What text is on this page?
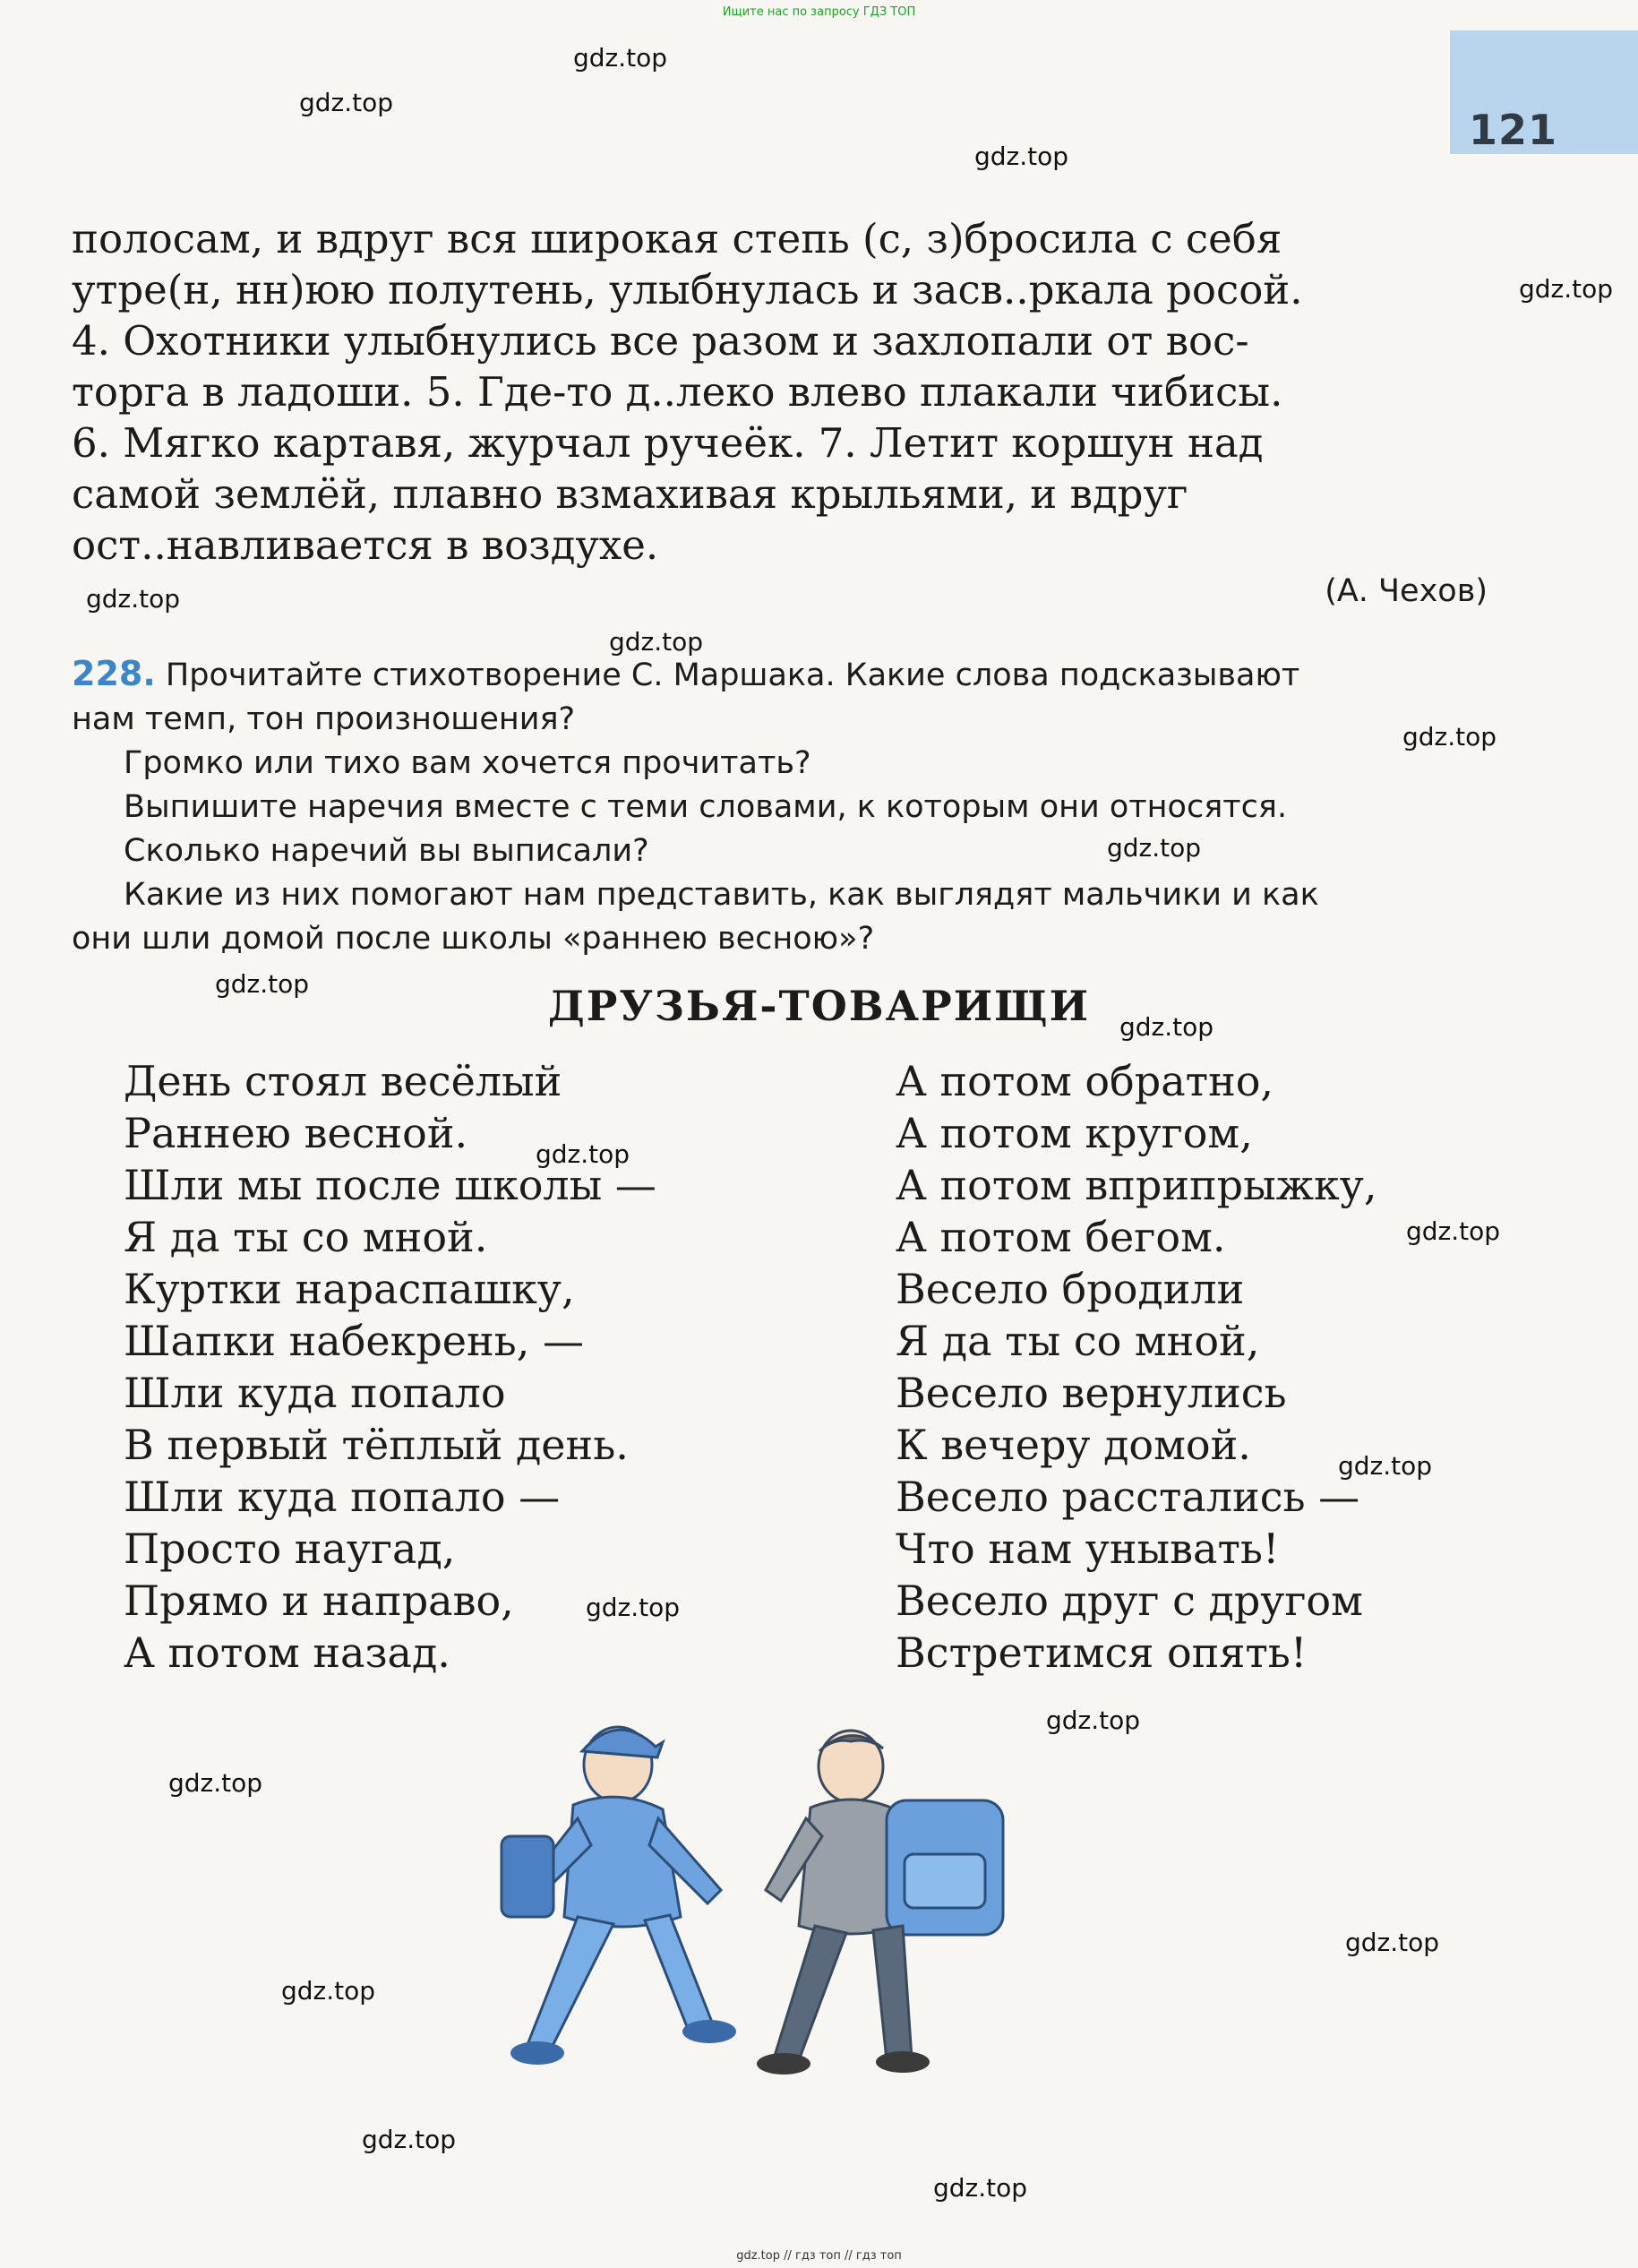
Ищите нас по запросу ГДЗ ТОП
121
gdz.top
gdz.top
gdz.top
gdz.top
gdz.top
gdz.top
gdz.top
gdz.top
gdz.top
gdz.top
gdz.top
gdz.top
gdz.top
gdz.top
gdz.top
gdz.top
gdz.top
gdz.top
gdz.top
gdz.top

полосам, и вдруг вся широкая степь (с, з)бросила с себя

утре(н, нн)юю полутень, улыбнулась и засв..ркала росой.

4. Охотники улыбнулись все разом и захлопали от вос-

торга в ладоши. 5. Где-то д..леко влево плакали чибисы.

6. Мягко картавя, журчал ручеёк. 7. Летит коршун над

самой землёй, плавно взмахивая крыльями, и вдруг

ост..навливается в воздухе.

(А. Чехов)

228. Прочитайте стихотворение С. Маршака. Какие слова подсказывают

нам темп, тон произношения?

Громко или тихо вам хочется прочитать?

Выпишите наречия вместе с теми словами, к которым они относятся.

Сколько наречий вы выписали?

Какие из них помогают нам представить, как выглядят мальчики и как

они шли домой после школы «раннею весною»?

ДРУЗЬЯ-ТОВАРИЩИ
День стоял весёлый
Раннею весной.
Шли мы после школы —
Я да ты со мной.
Куртки нараспашку,
Шапки набекрень, —
Шли куда попало
В первый тёплый день.
Шли куда попало —
Просто наугад,
Прямо и направо,
А потом назад.
А потом обратно,
А потом кругом,
А потом вприпрыжку,
А потом бегом.
Весело бродили
Я да ты со мной,
Весело вернулись
К вечеру домой.
Весело расстались —
Что нам унывать!
Весело друг с другом
Встретимся опять!
gdz.top // гдз топ // гдз топ
